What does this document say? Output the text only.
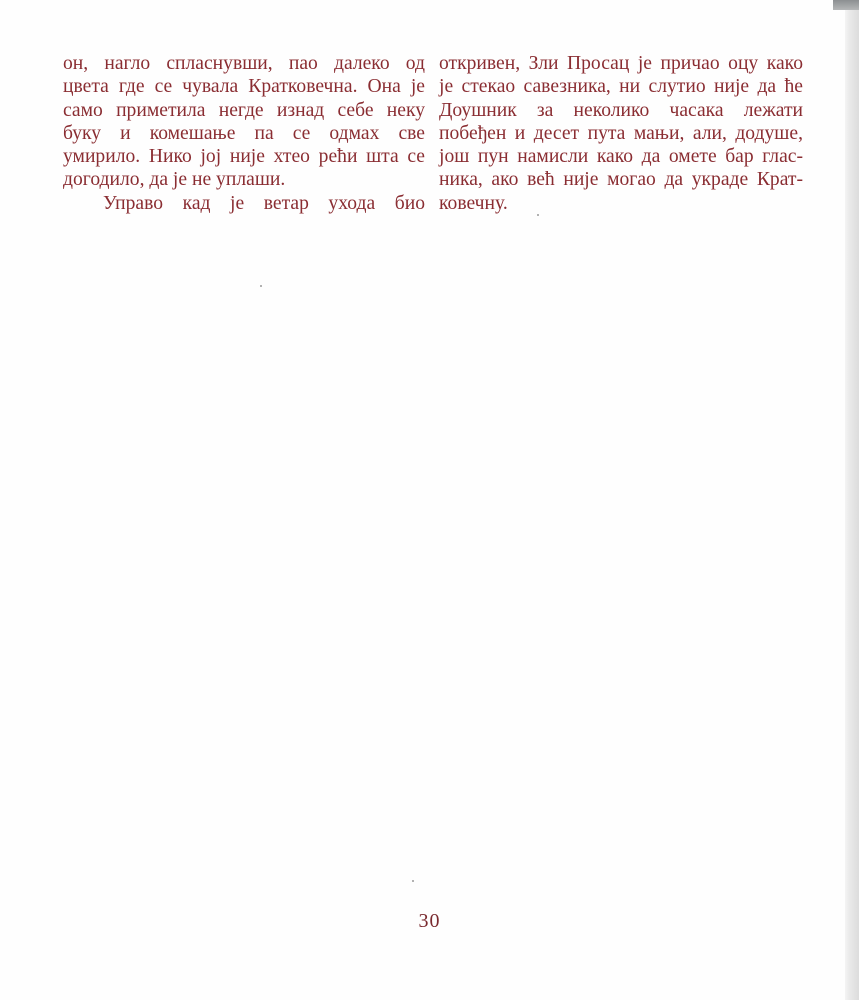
он, нагло спласнувши, пао далеко од
цвета где се чувала Кратковечна. Она је
само приметила негде изнад себе неку
буку и комешање па се одмах све
умирило. Нико јој није хтео рећи шта се
догодило, да је не уплаши.
Управо кад је ветар ухода био
откривен, Зли Просац је причао оцу како
је стекао савезника, ни слутио није да ће
Доушник за неколико часака лежати
побеђен и десет пута мањи, али, додуше,
још пун намисли како да омете бар глас-
ника, ако већ није могао да украде Крат-
ковечну.
30
